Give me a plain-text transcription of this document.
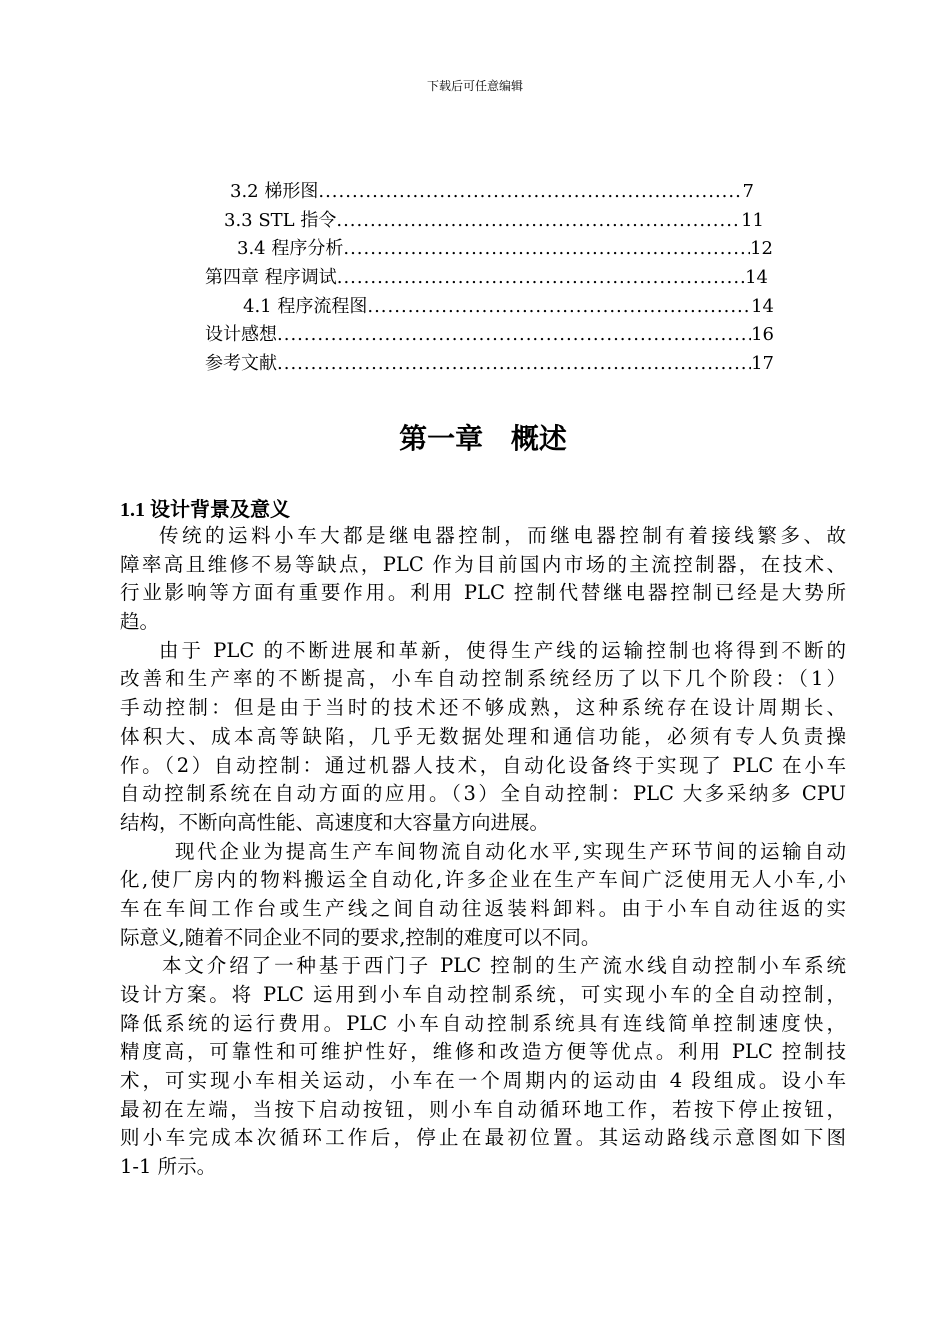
下载后可任意编辑
3.2 梯形图 .....	7
3.3 STL 指令 .....	11
3.4 程序分析 .....	12
第四章 程序调试 .....	14
4.1 程序流程图 .....	14
设计感想 .....	16
参考文献 .....	17
第一章 概述
1.1 设计背景及意义
传统的运料小车大都是继电器控制，而继电器控制有着接线繁多、故
障率高且维修不易等缺点，PLC 作为目前国内市场的主流控制器，在技术、
行业影响等方面有重要作用。利用 PLC 控制代替继电器控制已经是大势所
趋。
由于 PLC 的不断进展和革新，使得生产线的运输控制也将得到不断的
改善和生产率的不断提高，小车自动控制系统经历了以下几个阶段：（1）
手动控制：但是由于当时的技术还不够成熟，这种系统存在设计周期长、
体积大、成本高等缺陷，几乎无数据处理和通信功能，必须有专人负责操
作。（2）自动控制：通过机器人技术，自动化设备终于实现了 PLC 在小车
自动控制系统在自动方面的应用。（3）全自动控制：PLC 大多采纳多 CPU
结构，不断向高性能、高速度和大容量方向进展。
现代企业为提高生产车间物流自动化水平,实现生产环节间的运输自动
化,使厂房内的物料搬运全自动化,许多企业在生产车间广泛使用无人小车,小
车在车间工作台或生产线之间自动往返装料卸料。由于小车自动往返的实
际意义,随着不同企业不同的要求,控制的难度可以不同。
本文介绍了一种基于西门子 PLC 控制的生产流水线自动控制小车系统
设计方案。将 PLC 运用到小车自动控制系统，可实现小车的全自动控制，
降低系统的运行费用。PLC 小车自动控制系统具有连线简单控制速度快，
精度高，可靠性和可维护性好，维修和改造方便等优点。利用 PLC 控制技
术，可实现小车相关运动，小车在一个周期内的运动由 4 段组成。设小车
最初在左端，当按下启动按钮，则小车自动循环地工作，若按下停止按钮，
则小车完成本次循环工作后，停止在最初位置。其运动路线示意图如下图
1-1 所示。
